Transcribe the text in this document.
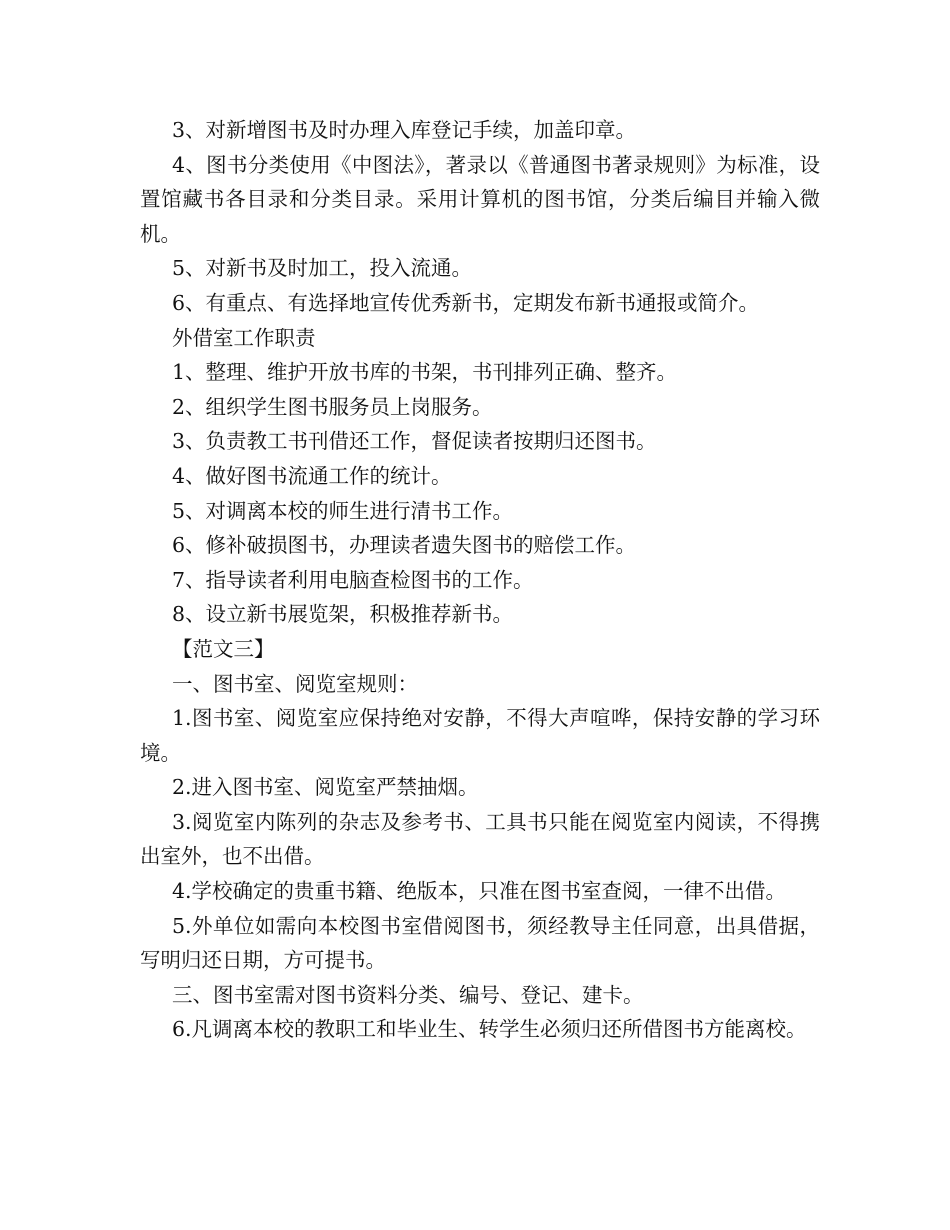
3、对新增图书及时办理入库登记手续，加盖印章。

4、图书分类使用《中图法》，著录以《普通图书著录规则》为标准，设置馆藏书各目录和分类目录。采用计算机的图书馆，分类后编目并输入微机。

5、对新书及时加工，投入流通。

6、有重点、有选择地宣传优秀新书，定期发布新书通报或简介。

外借室工作职责

1、整理、维护开放书库的书架，书刊排列正确、整齐。

2、组织学生图书服务员上岗服务。

3、负责教工书刊借还工作，督促读者按期归还图书。

4、做好图书流通工作的统计。

5、对调离本校的师生进行清书工作。

6、修补破损图书，办理读者遗失图书的赔偿工作。

7、指导读者利用电脑查检图书的工作。

8、设立新书展览架，积极推荐新书。

【范文三】

一、图书室、阅览室规则：

1.图书室、阅览室应保持绝对安静，不得大声喧哗，保持安静的学习环境。

2.进入图书室、阅览室严禁抽烟。

3.阅览室内陈列的杂志及参考书、工具书只能在阅览室内阅读，不得携出室外，也不出借。

4.学校确定的贵重书籍、绝版本，只准在图书室查阅，一律不出借。

5.外单位如需向本校图书室借阅图书，须经教导主任同意，出具借据，写明归还日期，方可提书。

三、图书室需对图书资料分类、编号、登记、建卡。

6.凡调离本校的教职工和毕业生、转学生必须归还所借图书方能离校。
